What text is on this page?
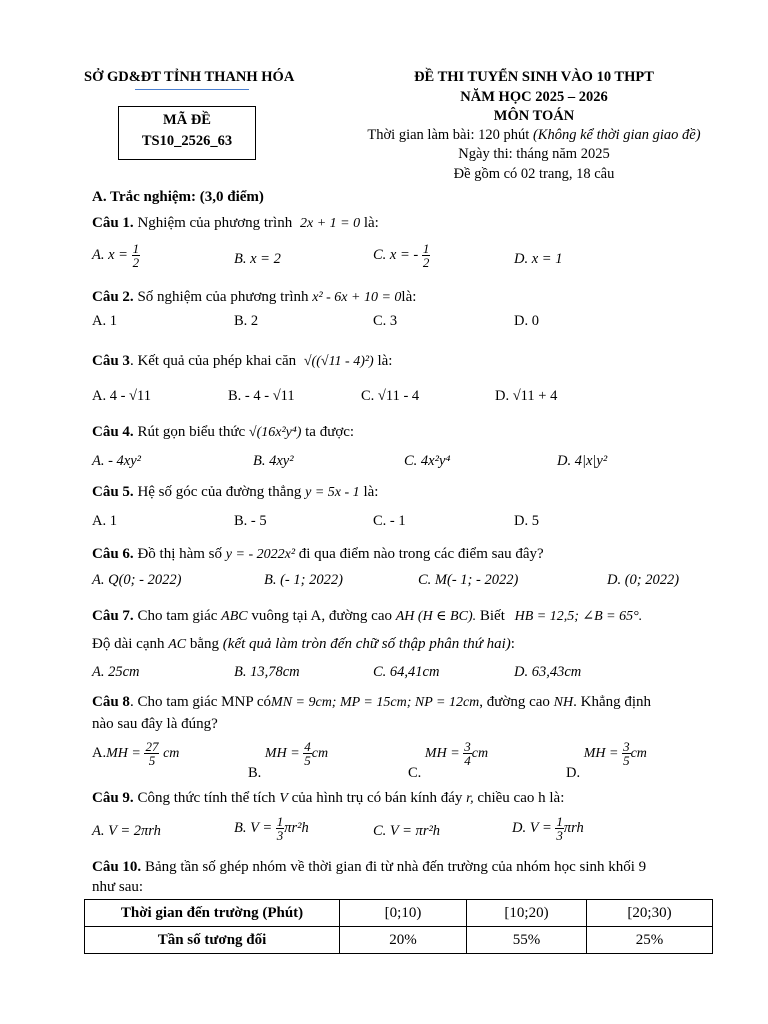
SỞ GD&ĐT TỈNH THANH HÓA
MÃ ĐỀ
TS10_2526_63
ĐỀ THI TUYỂN SINH VÀO 10 THPT
NĂM HỌC 2025 – 2026
MÔN TOÁN
Thời gian làm bài: 120 phút (Không kể thời gian giao đề)
Ngày thi: tháng năm 2025
Đề gồm có 02 trang, 18 câu
A. Trắc nghiệm: (3,0 điểm)
Câu 1. Nghiệm của phương trình 2x + 1 = 0 là:
A. $x = \frac{1}{2}$	B. x = 2	C. x = - $\frac{1}{2}$	D. x = 1
Câu 2. Số nghiệm của phương trình x² - 6x + 10 = 0là:
A. 1	B. 2	C. 3	D. 0
Câu 3. Kết quả của phép khai căn √((√11 - 4)²) là:
A. 4 - √11	B. - 4 - √11	C. √11 - 4	D. √11 + 4
Câu 4. Rút gọn biểu thức √(16x²y⁴) ta được:
A. - 4xy²	B. 4xy²	C. 4x²y⁴	D. 4|x|y²
Câu 5. Hệ số góc của đường thẳng y = 5x - 1 là:
A. 1	B. - 5	C. - 1	D. 5
Câu 6. Đồ thị hàm số y = - 2022x² đi qua điểm nào trong các điểm sau đây?
A. Q(0; - 2022)	B. (- 1; 2022)	C. M(- 1; - 2022)	D. (0; 2022)
Câu 7. Cho tam giác ABC vuông tại A, đường cao AH (H ∈ BC). Biết HB = 12,5; ∠B = 65°.
Độ dài cạnh AC bằng (kết quả làm tròn đến chữ số thập phân thứ hai):
A. 25cm	B. 13,78cm	C. 64,41cm	D. 63,43cm
Câu 8. Cho tam giác MNP cóMN = 9cm; MP = 15cm; NP = 12cm, đường cao NH. Khẳng định
nào sau đây là đúng?
$A.MH = \frac{27}{5}$ cm
B. MH = $\frac{4}{5}$ cm
C. MH = $\frac{3}{4}$ cm
D. MH = $\frac{3}{5}$ cm
Câu 9. Công thức tính thể tích V của hình trụ có bán kính đáy r, chiều cao h là:
A. V = 2πrh	B. $V = \frac{1}{3} \pi r^2h$	C. V = πr²h	D. $V = \frac{1}{3}$ πrh
Câu 10. Bảng tần số ghép nhóm về thời gian đi từ nhà đến trường của nhóm học sinh khối 9
như sau:
Thời gian đến trường (Phút)	[0;10)	[10;20)	[20;30)
Tần số tương đối	20%	55%	25%
